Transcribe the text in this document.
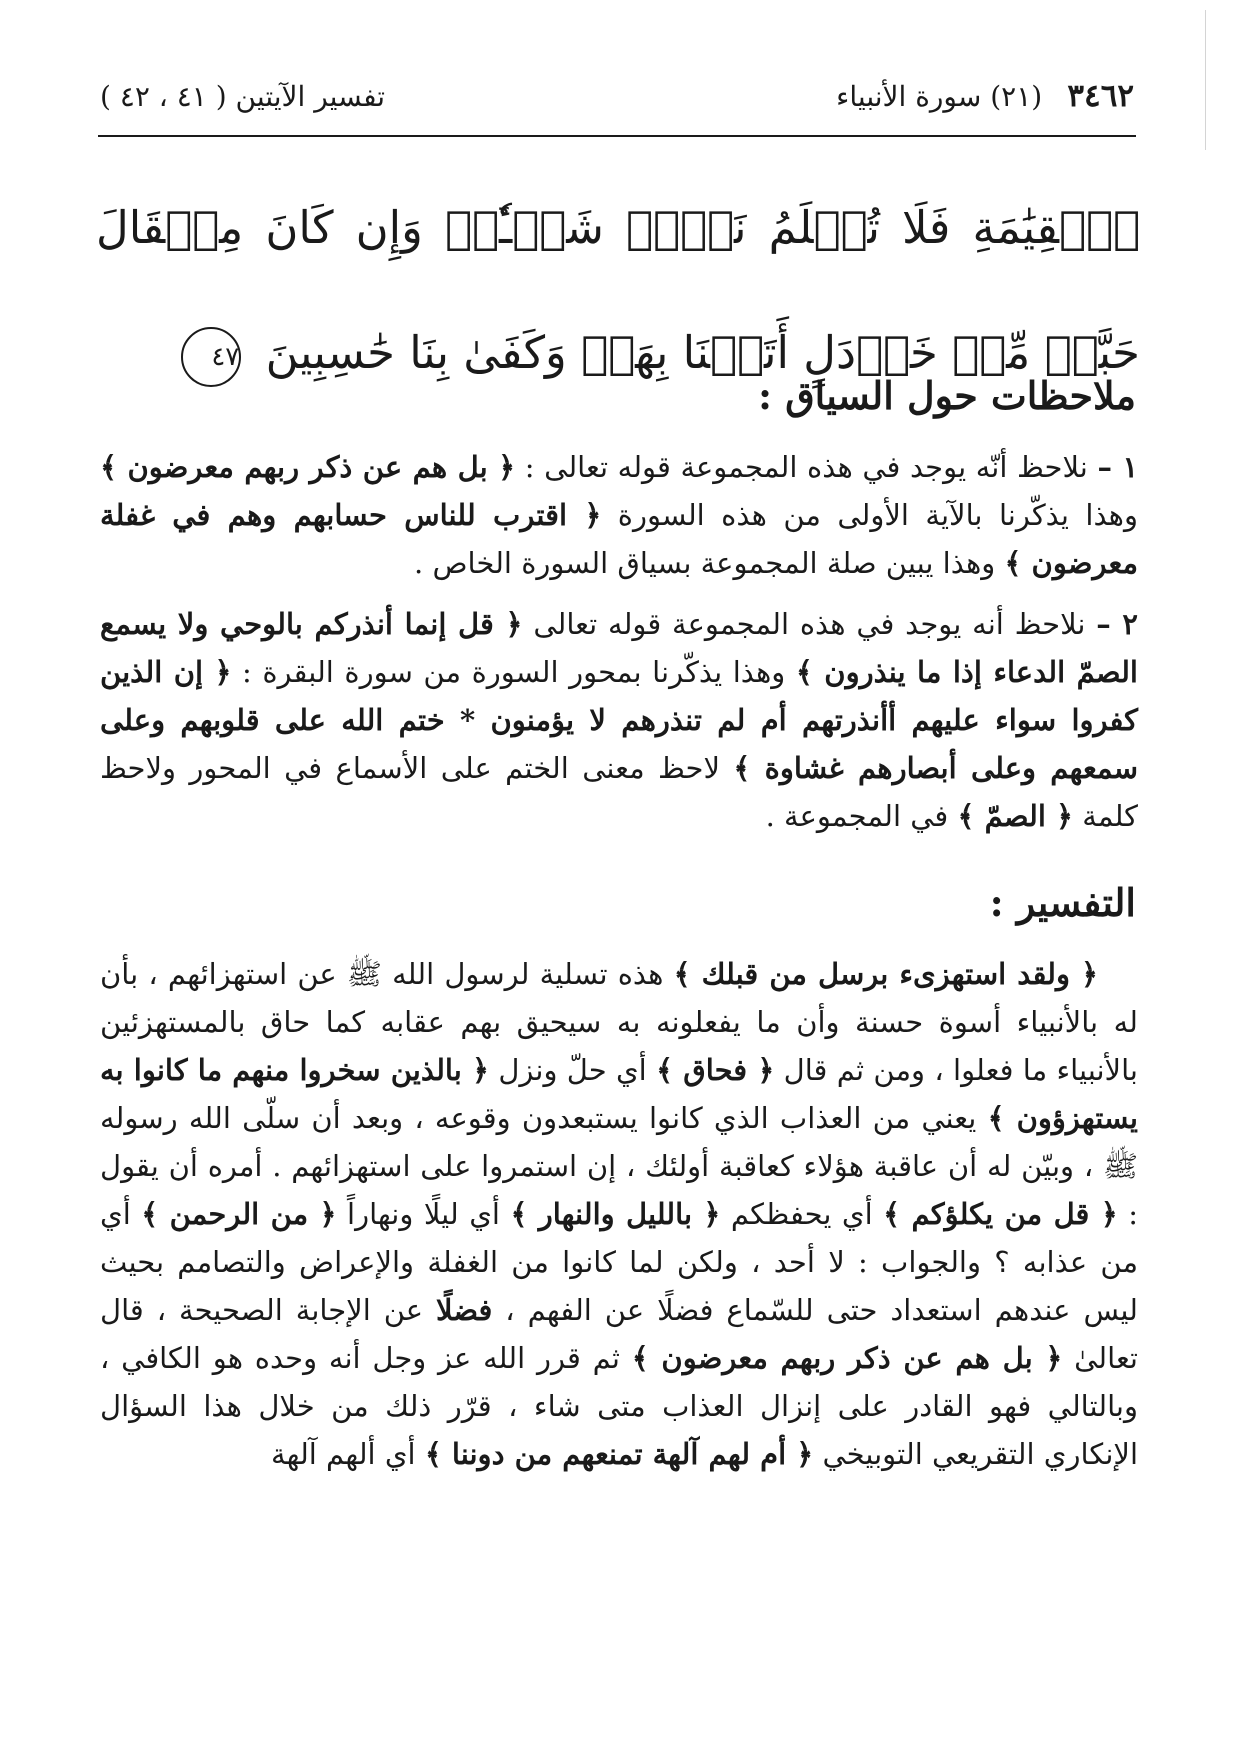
٣٤٦٢ (٢١) سورة الأنبياء
تفسير الآيتين ( ٤١ ، ٤٢ )
ٱلۡقِيَٰمَةِ فَلَا تُظۡلَمُ نَفۡسٞ شَيۡـٔٗاۖ وَإِن كَانَ مِثۡقَالَ حَبَّةٖ مِّنۡ خَرۡدَلٍ أَتَيۡنَا بِهَاۗ وَكَفَىٰ بِنَا حَٰسِبِينَ ٤٧
ملاحظات حول السياق :
١ – نلاحظ أنّه يوجد في هذه المجموعة قوله تعالى : ﴿ بل هم عن ذكر ربهم معرضون ﴾ وهذا يذكّرنا بالآية الأولى من هذه السورة ﴿ اقترب للناس حسابهم وهم في غفلة معرضون ﴾ وهذا يبين صلة المجموعة بسياق السورة الخاص .
٢ – نلاحظ أنه يوجد في هذه المجموعة قوله تعالى ﴿ قل إنما أنذركم بالوحي ولا يسمع الصمّ الدعاء إذا ما ينذرون ﴾ وهذا يذكّرنا بمحور السورة من سورة البقرة : ﴿ إن الذين كفروا سواء عليهم أأنذرتهم أم لم تنذرهم لا يؤمنون * ختم الله على قلوبهم وعلى سمعهم وعلى أبصارهم غشاوة ﴾ لاحظ معنى الختم على الأسماع في المحور ولاحظ كلمة ﴿ الصمّ ﴾ في المجموعة .
التفسير :
﴿ ولقد استهزىء برسل من قبلك ﴾ هذه تسلية لرسول الله ﷺ عن استهزائهم ، بأن له بالأنبياء أسوة حسنة وأن ما يفعلونه به سيحيق بهم عقابه كما حاق بالمستهزئين بالأنبياء ما فعلوا ، ومن ثم قال ﴿ فحاق ﴾ أي حلّ ونزل ﴿ بالذين سخروا منهم ما كانوا به يستهزؤون ﴾ يعني من العذاب الذي كانوا يستبعدون وقوعه ، وبعد أن سلّى الله رسوله ﷺ ، وبيّن له أن عاقبة هؤلاء كعاقبة أولئك ، إن استمروا على استهزائهم . أمره أن يقول : ﴿ قل من يكلؤكم ﴾ أي يحفظكم ﴿ بالليل والنهار ﴾ أي ليلًا ونهاراً ﴿ من الرحمن ﴾ أي من عذابه ؟ والجواب : لا أحد ، ولكن لما كانوا من الغفلة والإعراض والتصامم بحيث ليس عندهم استعداد حتى للسّماع فضلًا عن الفهم ، فضلًا عن الإجابة الصحيحة ، قال تعالىٰ ﴿ بل هم عن ذكر ربهم معرضون ﴾ ثم قرر الله عز وجل أنه وحده هو الكافي ، وبالتالي فهو القادر على إنزال العذاب متى شاء ، قرّر ذلك من خلال هذا السؤال الإنكاري التقريعي التوبيخي ﴿ أم لهم آلهة تمنعهم من دوننا ﴾ أي ألهم آلهة
